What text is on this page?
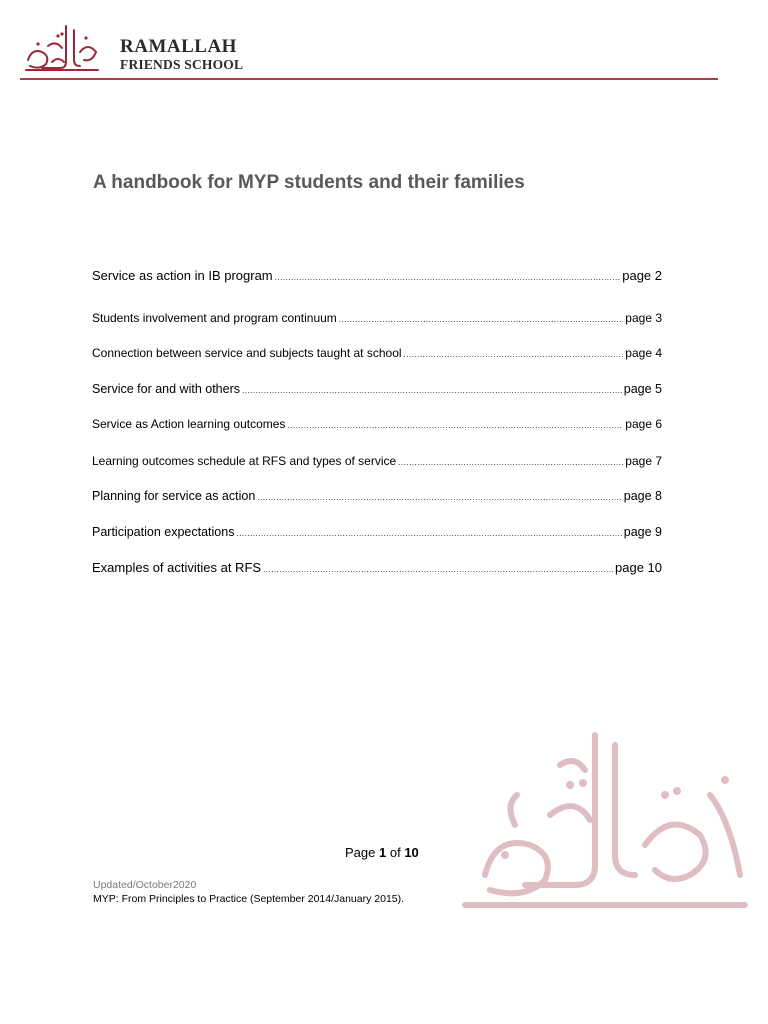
RAMALLAH
FRIENDS SCHOOL
A handbook for MYP students and their families
Service as action in IB program .....	page 2
Students involvement and program continuum .....	page 3
Connection between service and subjects taught at school .....	page 4
Service for and with others .....	page 5
Service as Action learning outcomes .....	page 6
Learning outcomes schedule at RFS and types of service .....	page 7
Planning for service as action .....	page 8
Participation expectations .....	page 9
Examples of activities at RFS .....	page 10
Page 1 of 10
Updated/October2020
MYP: From Principles to Practice (September 2014/January 2015).
